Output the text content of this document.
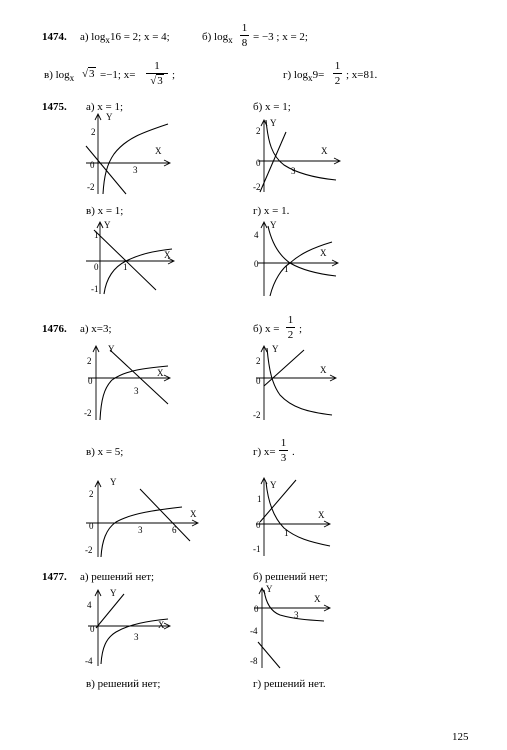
1474. а) $\log_x16 = 2$; x = 4;	б) $\log_x$
1
8 = −3 ; x = 2;
в) $\log_x √3 =-1$; x=
1
√3 ;	г) $\log_x9=$
1
2 ; x=81.
1475. а) x = 1;	б) x = 1;
Y
X
2
0	3
-2
Y
X
2
0
3
-2
в) x = 1;	г) x = 1.
Y
X
1
0	1
-1
Y
X
4
0	1
1476. а) x=3;	б) x =
1
2 ;
Y
X
2
0
3
-2
Y
X
2
0
-2
в) x = 5;	г) x=
1
3 .
Y
X
2
0	3	6
-2
Y
X
1
0
1
-1
1477. а) решений нет;	б) решений нет;
Y
X
4
0
3
-4
Y
X
0
3
-4
-8
в) решений нет;	г) решений нет.
125
